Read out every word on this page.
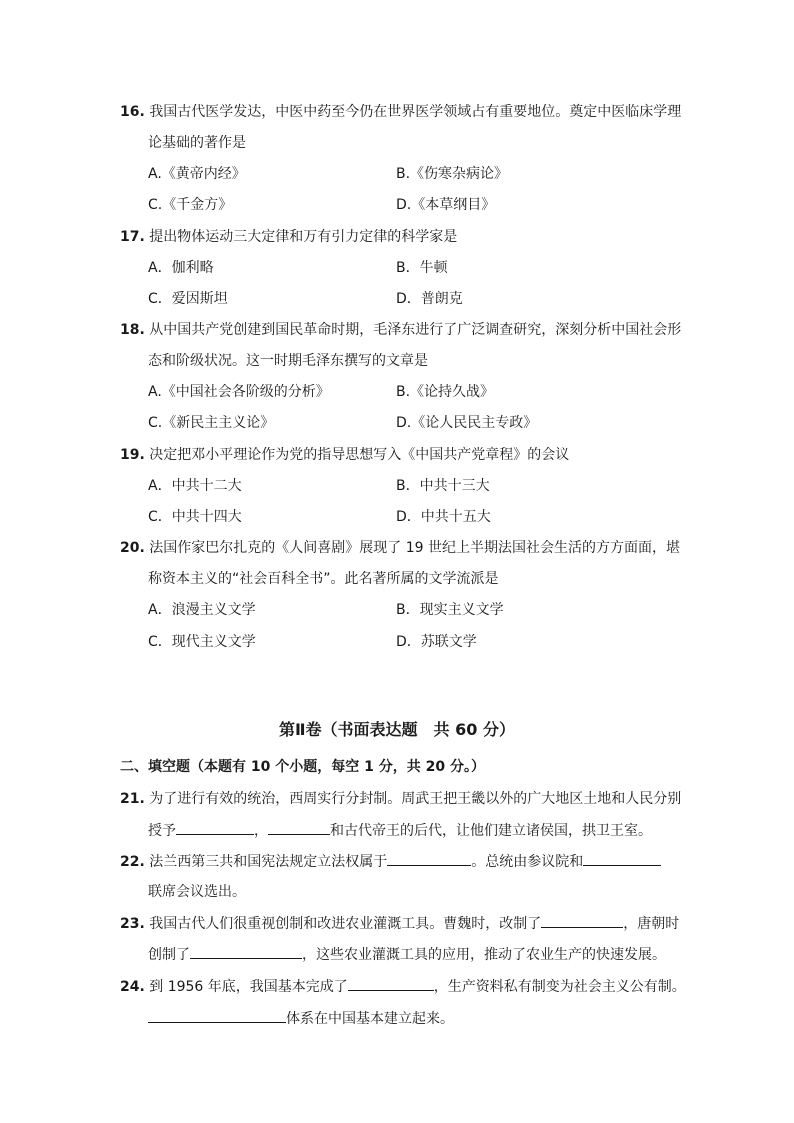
16. 我国古代医学发达，中医中药至今仍在世界医学领域占有重要地位。奠定中医临床学理
论基础的著作是
A.《黄帝内经》	B.《伤寒杂病论》
C.《千金方》	D.《本草纲目》
17. 提出物体运动三大定律和万有引力定律的科学家是
A．伽利略	B．牛顿
C．爱因斯坦	D．普朗克
18. 从中国共产党创建到国民革命时期，毛泽东进行了广泛调查研究，深刻分析中国社会形
态和阶级状况。这一时期毛泽东撰写的文章是
A.《中国社会各阶级的分析》	B.《论持久战》
C.《新民主主义论》	D.《论人民民主专政》
19. 决定把邓小平理论作为党的指导思想写入《中国共产党章程》的会议
A．中共十二大	B．中共十三大
C．中共十四大	D．中共十五大
20. 法国作家巴尔扎克的《人间喜剧》展现了 19 世纪上半期法国社会生活的方方面面，堪
称资本主义的“社会百科全书”。此名著所属的文学流派是
A．浪漫主义文学	B．现实主义文学
C．现代主义文学	D．苏联文学
第Ⅱ卷（书面表达题　共 60 分）
二、填空题（本题有 10 个小题，每空 1 分，共 20 分。）
21. 为了进行有效的统治，西周实行分封制。周武王把王畿以外的广大地区土地和人民分别
授予	，	和古代帝王的后代，让他们建立诸侯国，拱卫王室。
22. 法兰西第三共和国宪法规定立法权属于	。总统由参议院和
联席会议选出。
23. 我国古代人们很重视创制和改进农业灌溉工具。曹魏时，改制了	，唐朝时
创制了	，这些农业灌溉工具的应用，推动了农业生产的快速发展。
24. 到 1956 年底，我国基本完成了	，生产资料私有制变为社会主义公有制。
体系在中国基本建立起来。
